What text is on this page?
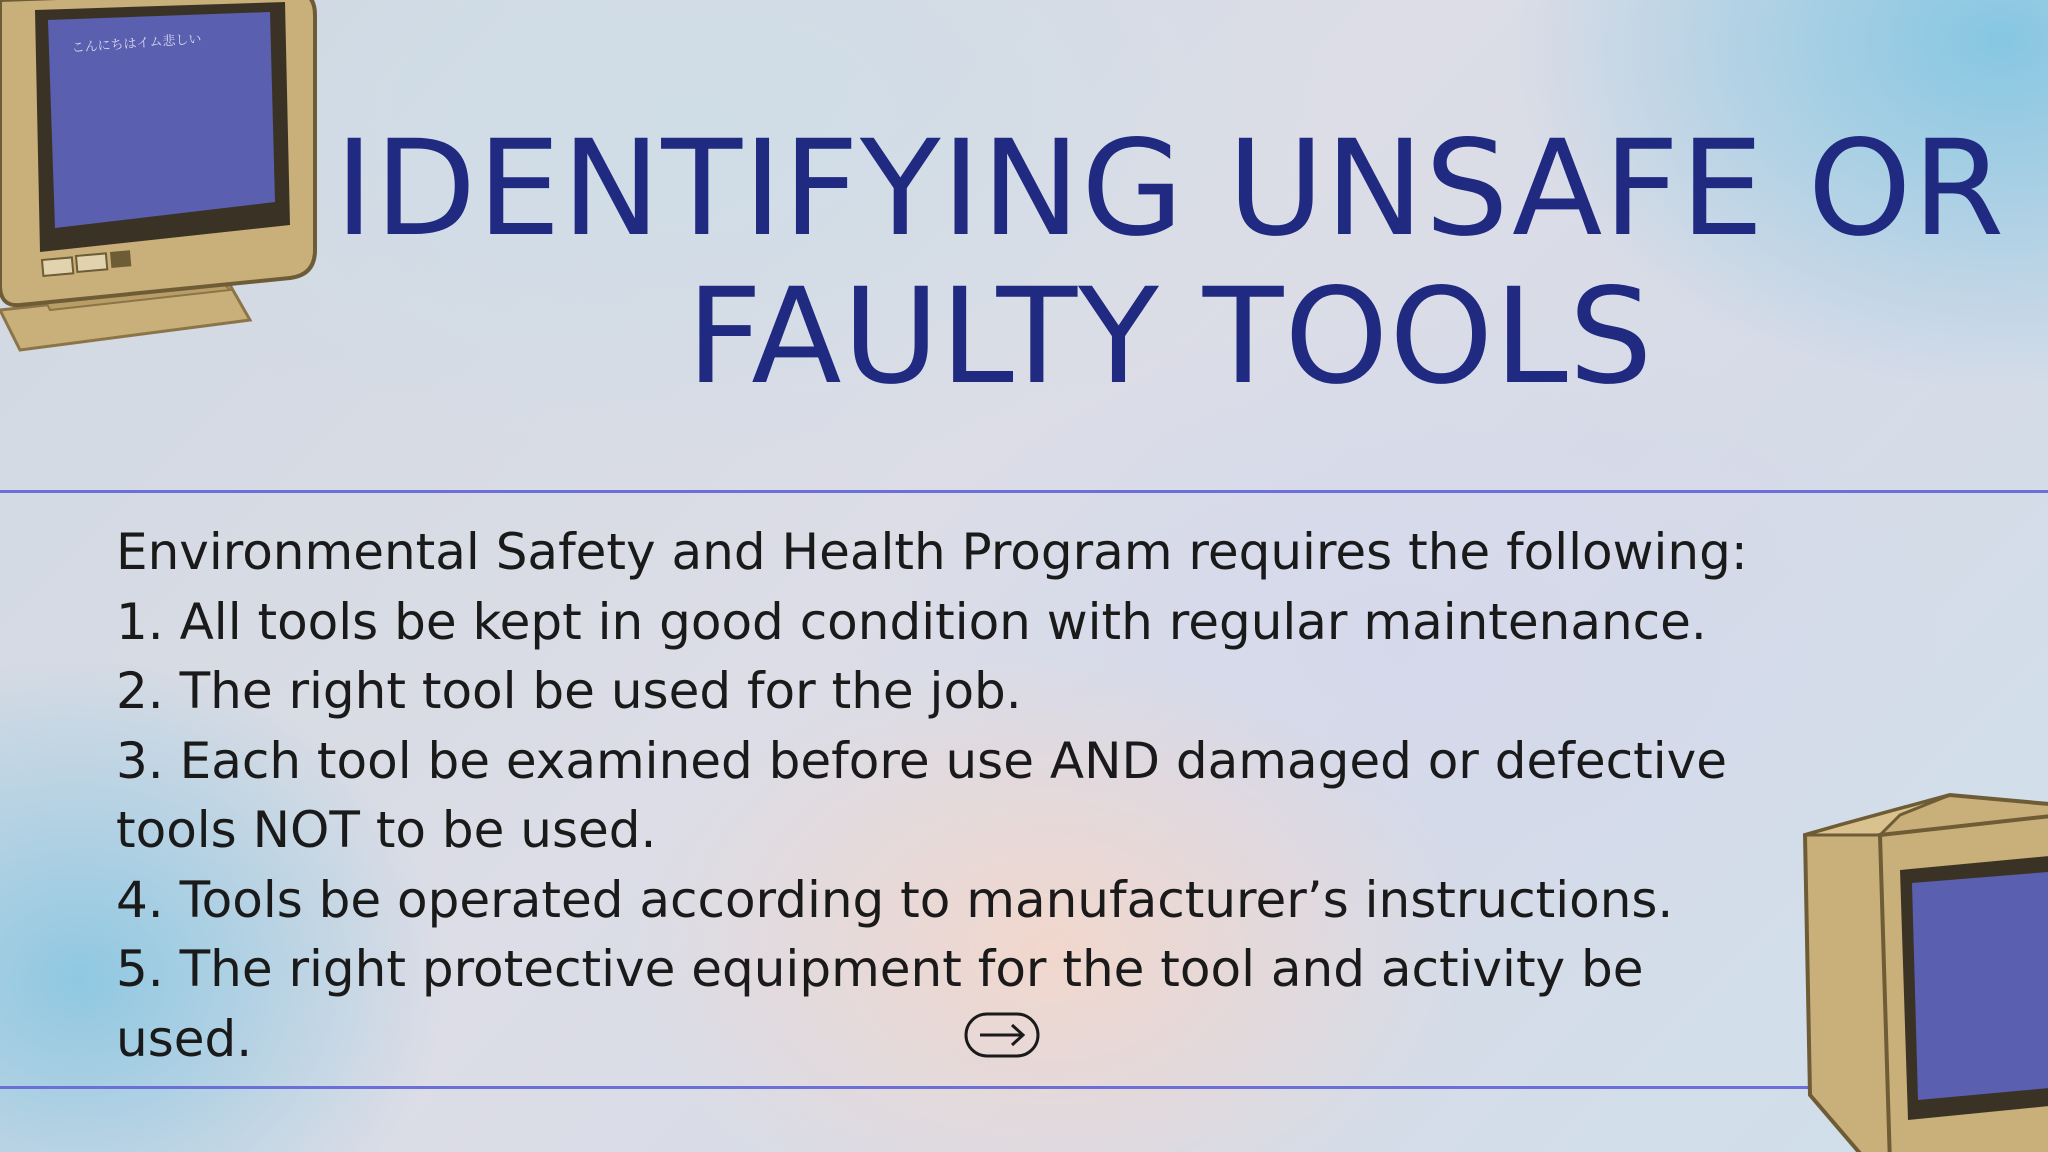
こんにちはイム悲しい
IDENTIFYING UNSAFE OR
FAULTY TOOLS

Environmental Safety and Health Program requires the following:

1. All tools be kept in good condition with regular maintenance.

2. The right tool be used for the job.

3. Each tool be examined before use AND damaged or defective tools NOT to be used.

4. Tools be operated according to manufacturer’s instructions.

5. The right protective equipment for the tool and activity be used.
